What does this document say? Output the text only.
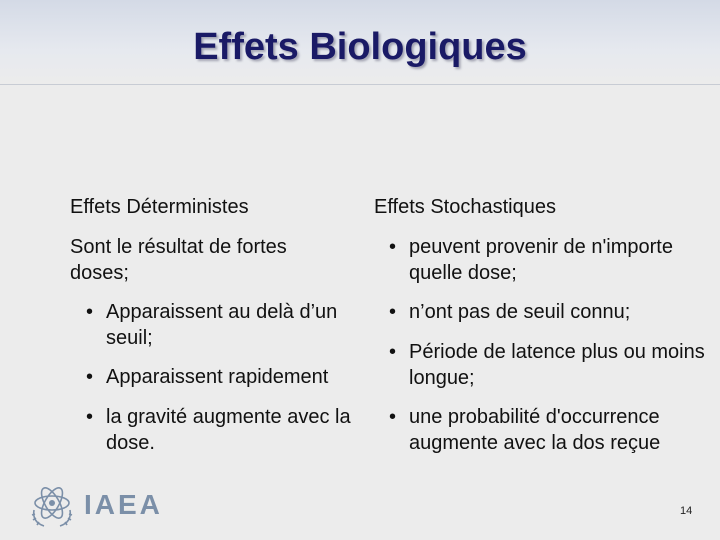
Effets Biologiques
Effets Déterministes
Sont le résultat de fortes doses;
• Apparaissent au delà d’un seuil;
• Apparaissent rapidement
• la gravité augmente avec la dose.
Effets Stochastiques
• peuvent provenir de n'importe quelle dose;
• n’ont pas de seuil connu;
• Période de latence plus ou moins longue;
• une probabilité d'occurrence augmente avec la dos reçue
IAEA	14
